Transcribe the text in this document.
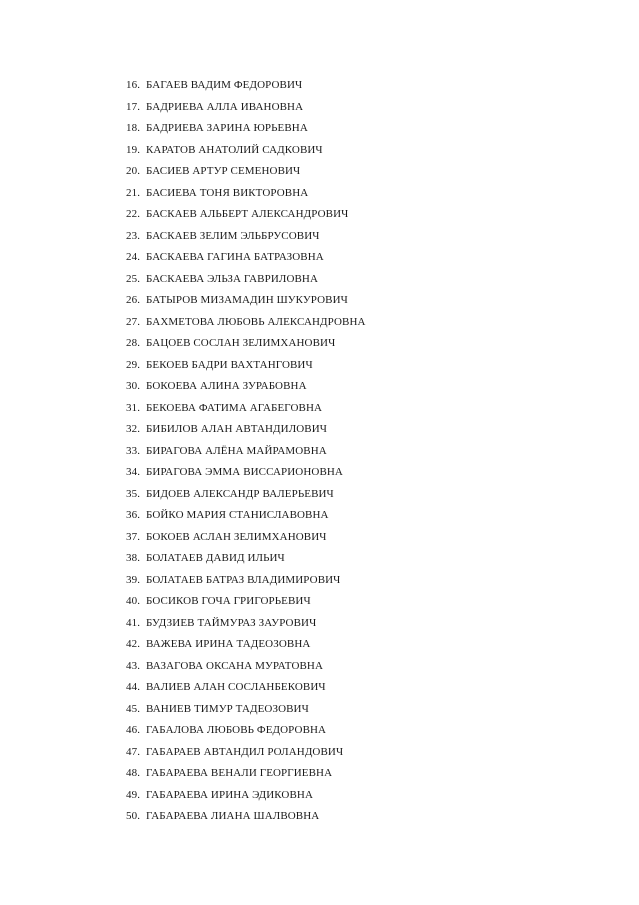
16. БАГАЕВ ВАДИМ ФЕДОРОВИЧ
17. БАДРИЕВА АЛЛА ИВАНОВНА
18. БАДРИЕВА ЗАРИНА ЮРЬЕВНА
19. КАРАТОВ АНАТОЛИЙ САДКОВИЧ
20. БАСИЕВ АРТУР СЕМЕНОВИЧ
21. БАСИЕВА ТОНЯ ВИКТОРОВНА
22. БАСКАЕВ АЛЬБЕРТ АЛЕКСАНДРОВИЧ
23. БАСКАЕВ ЗЕЛИМ ЭЛЬБРУСОВИЧ
24. БАСКАЕВА ГАГИНА БАТРАЗОВНА
25. БАСКАЕВА ЭЛЬЗА ГАВРИЛОВНА
26. БАТЫРОВ МИЗАМАДИН ШУКУРОВИЧ
27. БАХМЕТОВА ЛЮБОВЬ АЛЕКСАНДРОВНА
28. БАЦОЕВ СОСЛАН ЗЕЛИМХАНОВИЧ
29. БЕКОЕВ БАДРИ ВАХТАНГОВИЧ
30. БОКОЕВА АЛИНА ЗУРАБОВНА
31. БЕКОЕВА ФАТИМА АГАБЕГОВНА
32. БИБИЛОВ АЛАН АВТАНДИЛОВИЧ
33. БИРАГОВА АЛЁНА МАЙРАМОВНА
34. БИРАГОВА ЭММА ВИССАРИОНОВНА
35. БИДОЕВ АЛЕКСАНДР ВАЛЕРЬЕВИЧ
36. БОЙКО МАРИЯ СТАНИСЛАВОВНА
37. БОКОЕВ АСЛАН ЗЕЛИМХАНОВИЧ
38. БОЛАТАЕВ ДАВИД ИЛЬИЧ
39. БОЛАТАЕВ БАТРАЗ ВЛАДИМИРОВИЧ
40. БОСИКОВ ГОЧА ГРИГОРЬЕВИЧ
41. БУДЗИЕВ ТАЙМУРАЗ ЗАУРОВИЧ
42. ВАЖЕВА ИРИНА ТАДЕОЗОВНА
43. ВАЗАГОВА ОКСАНА МУРАТОВНА
44. ВАЛИЕВ АЛАН СОСЛАНБЕКОВИЧ
45. ВАНИЕВ ТИМУР ТАДЕОЗОВИЧ
46. ГАБАЛОВА ЛЮБОВЬ ФЕДОРОВНА
47. ГАБАРАЕВ АВТАНДИЛ РОЛАНДОВИЧ
48. ГАБАРАЕВА ВЕНАЛИ ГЕОРГИЕВНА
49. ГАБАРАЕВА ИРИНА ЭДИКОВНА
50. ГАБАРАЕВА ЛИАНА ШАЛВОВНА
